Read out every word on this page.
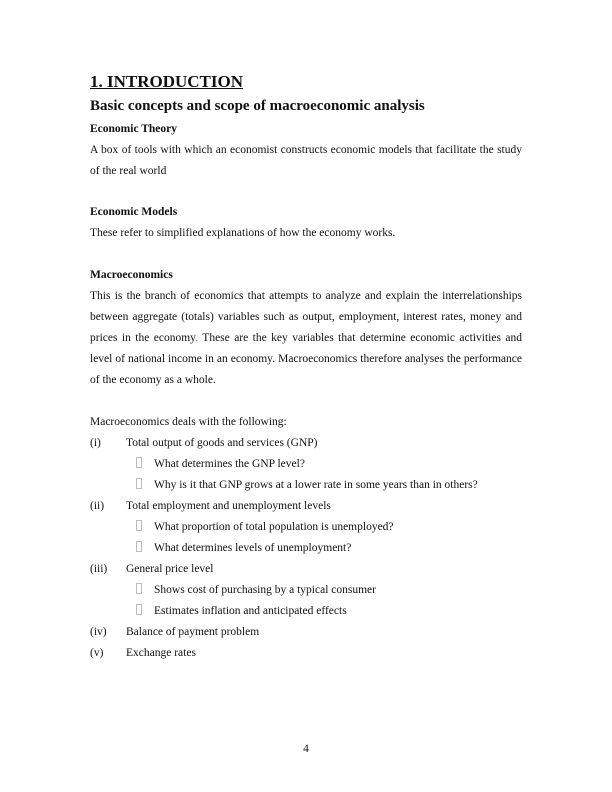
1. INTRODUCTION
Basic concepts and scope of macroeconomic analysis
Economic Theory
A box of tools with which an economist constructs economic models that facilitate the study of the real world
Economic Models
These refer to simplified explanations of how the economy works.
Macroeconomics
This is the branch of economics that attempts to analyze and explain the interrelationships between aggregate (totals) variables such as output, employment, interest rates, money and prices in the economy. These are the key variables that determine economic activities and level of national income in an economy. Macroeconomics therefore analyses the performance of the economy as a whole.
Macroeconomics deals with the following:
(i) Total output of goods and services (GNP)
What determines the GNP level?
Why is it that GNP grows at a lower rate in some years than in others?
(ii) Total employment and unemployment levels
What proportion of total population is unemployed?
What determines levels of unemployment?
(iii) General price level
Shows cost of purchasing by a typical consumer
Estimates inflation and anticipated effects
(iv) Balance of payment problem
(v) Exchange rates
4
